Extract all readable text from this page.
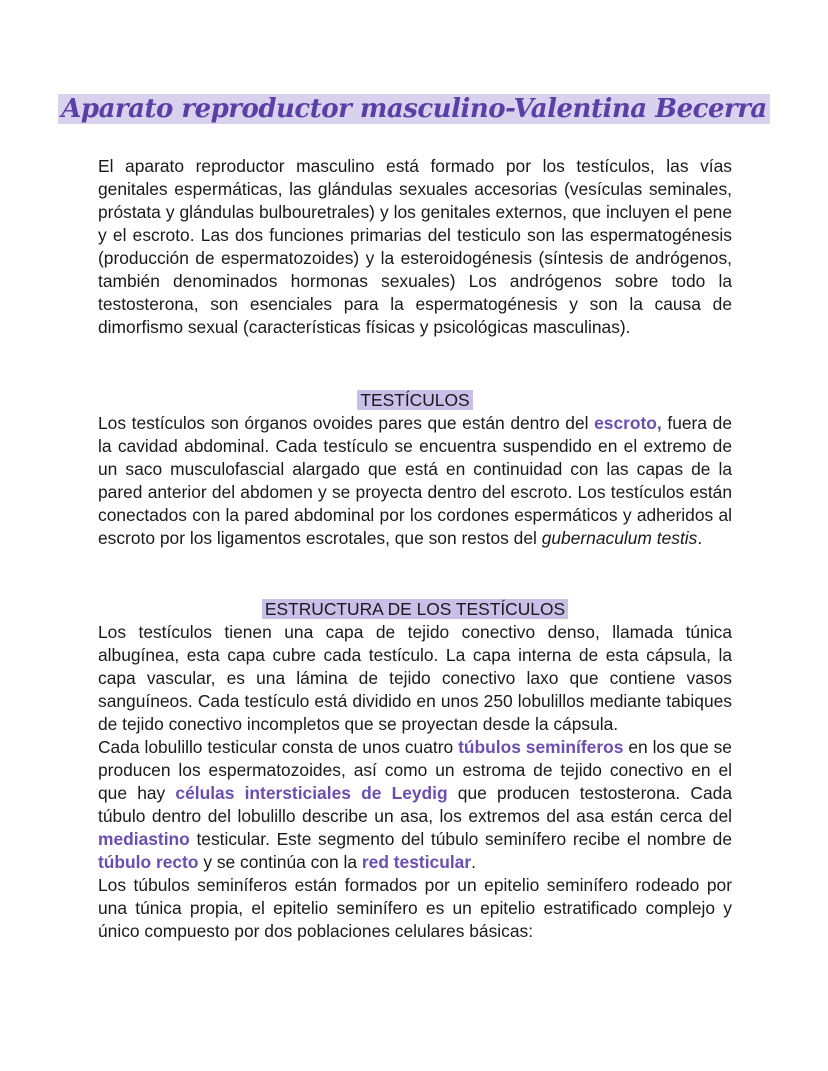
Aparato reproductor masculino-Valentina Becerra

El aparato reproductor masculino está formado por los testículos, las vías genitales espermáticas, las glándulas sexuales accesorias (vesículas seminales, próstata y glándulas bulbouretrales) y los genitales externos, que incluyen el pene y el escroto. Las dos funciones primarias del testiculo son las espermatogénesis (producción de espermatozoides) y la esteroidogénesis (síntesis de andrógenos, también denominados hormonas sexuales) Los andrógenos sobre todo la testosterona, son esenciales para la espermatogénesis y son la causa de dimorfismo sexual (características físicas y psicológicas masculinas).

TESTÍCULOS

Los testículos son órganos ovoides pares que están dentro del escroto, fuera de la cavidad abdominal. Cada testículo se encuentra suspendido en el extremo de un saco musculofascial alargado que está en continuidad con las capas de la pared anterior del abdomen y se proyecta dentro del escroto. Los testículos están conectados con la pared abdominal por los cordones espermáticos y adheridos al escroto por los ligamentos escrotales, que son restos del gubernaculum testis.

ESTRUCTURA DE LOS TESTÍCULOS

Los testículos tienen una capa de tejido conectivo denso, llamada túnica albugínea, esta capa cubre cada testículo. La capa interna de esta cápsula, la capa vascular, es una lámina de tejido conectivo laxo que contiene vasos sanguíneos. Cada testículo está dividido en unos 250 lobulillos mediante tabiques de tejido conectivo incompletos que se proyectan desde la cápsula.

Cada lobulillo testicular consta de unos cuatro túbulos seminíferos en los que se producen los espermatozoides, así como un estroma de tejido conectivo en el que hay células intersticiales de Leydig que producen testosterona. Cada túbulo dentro del lobulillo describe un asa, los extremos del asa están cerca del mediastino testicular. Este segmento del túbulo seminífero recibe el nombre de túbulo recto y se continúa con la red testicular.

Los túbulos seminíferos están formados por un epitelio seminífero rodeado por una túnica propia, el epitelio seminífero es un epitelio estratificado complejo y único compuesto por dos poblaciones celulares básicas:
